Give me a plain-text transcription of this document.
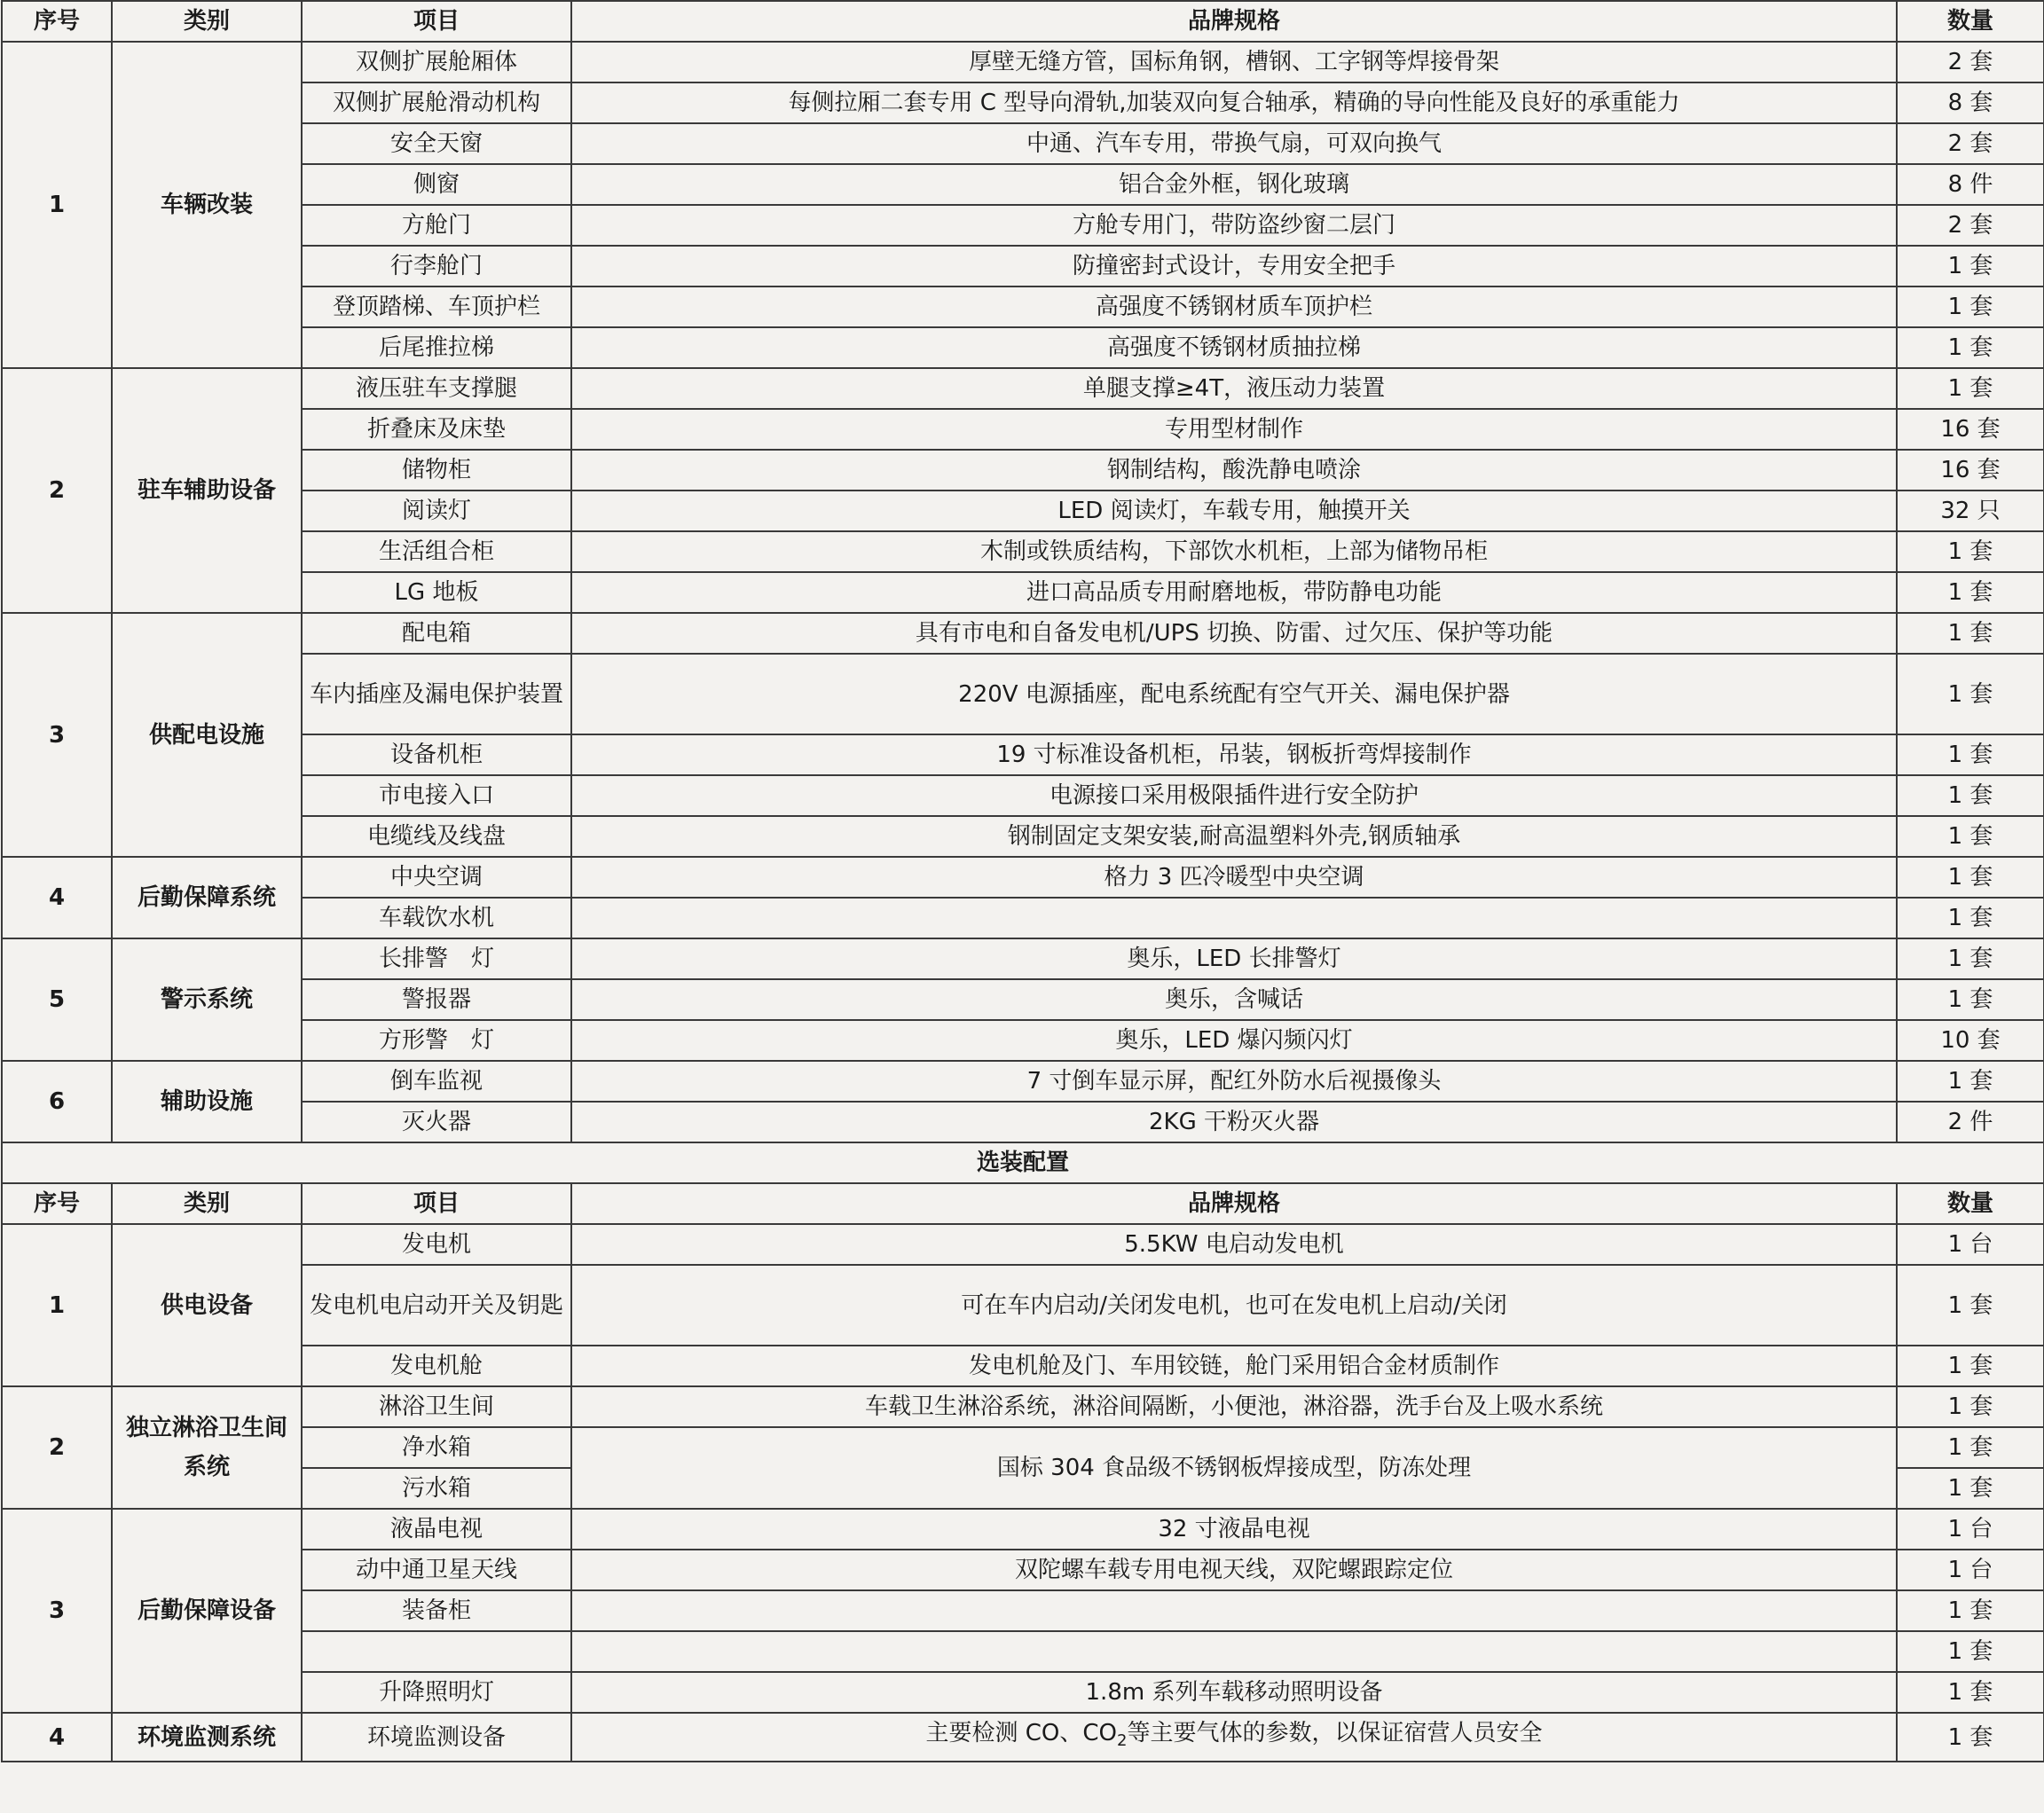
序号	类别	项目	品牌规格	数量
1	车辆改装	双侧扩展舱厢体	厚壁无缝方管，国标角钢，槽钢、工字钢等焊接骨架	2 套
		双侧扩展舱滑动机构	每侧拉厢二套专用 C 型导向滑轨,加装双向复合轴承，精确的导向性能及良好的承重能力	8 套
		安全天窗	中通、汽车专用，带换气扇，可双向换气	2 套
		侧窗	铝合金外框，钢化玻璃	8 件
		方舱门	方舱专用门，带防盗纱窗二层门	2 套
		行李舱门	防撞密封式设计，专用安全把手	1 套
		登顶踏梯、车顶护栏	高强度不锈钢材质车顶护栏	1 套
		后尾推拉梯	高强度不锈钢材质抽拉梯	1 套
2	驻车辅助设备	液压驻车支撑腿	单腿支撑≥4T，液压动力装置	1 套
		折叠床及床垫	专用型材制作	16 套
		储物柜	钢制结构，酸洗静电喷涂	16 套
		阅读灯	LED 阅读灯，车载专用，触摸开关	32 只
		生活组合柜	木制或铁质结构，下部饮水机柜，上部为储物吊柜	1 套
		LG 地板	进口高品质专用耐磨地板，带防静电功能	1 套
3	供配电设施	配电箱	具有市电和自备发电机/UPS 切换、防雷、过欠压、保护等功能	1 套
		车内插座及漏电保护装置	220V 电源插座，配电系统配有空气开关、漏电保护器	1 套
		设备机柜	19 寸标准设备机柜，吊装，钢板折弯焊接制作	1 套
		市电接入口	电源接口采用极限插件进行安全防护	1 套
		电缆线及线盘	钢制固定支架安装,耐高温塑料外壳,钢质轴承	1 套
4	后勤保障系统	中央空调	格力 3 匹冷暖型中央空调	1 套
		车载饮水机		1 套
5	警示系统	长排警　灯	奥乐，LED 长排警灯	1 套
		警报器	奥乐，含喊话	1 套
		方形警　灯	奥乐，LED 爆闪频闪灯	10 套
6	辅助设施	倒车监视	7 寸倒车显示屏，配红外防水后视摄像头	1 套
		灭火器	2KG 干粉灭火器	2 件
选装配置				
序号	类别	项目	品牌规格	数量
1	供电设备	发电机	5.5KW 电启动发电机	1 台
		发电机电启动开关及钥匙	可在车内启动/关闭发电机，也可在发电机上启动/关闭	1 套
		发电机舱	发电机舱及门、车用铰链，舱门采用铝合金材质制作	1 套
2	独立淋浴卫生间系统	淋浴卫生间	车载卫生淋浴系统，淋浴间隔断，小便池，淋浴器，洗手台及上吸水系统	1 套
		净水箱	国标 304 食品级不锈钢板焊接成型，防冻处理	1 套
		污水箱		1 套
3	后勤保障设备	液晶电视	32 寸液晶电视	1 台
		动中通卫星天线	双陀螺车载专用电视天线，双陀螺跟踪定位	1 台
		装备柜		1 套
				1 套
		升降照明灯	1.8m 系列车载移动照明设备	1 套
4	环境监测系统	环境监测设备	主要检测 CO、$CO_2$等主要气体的参数，以保证宿营人员安全	1 套
